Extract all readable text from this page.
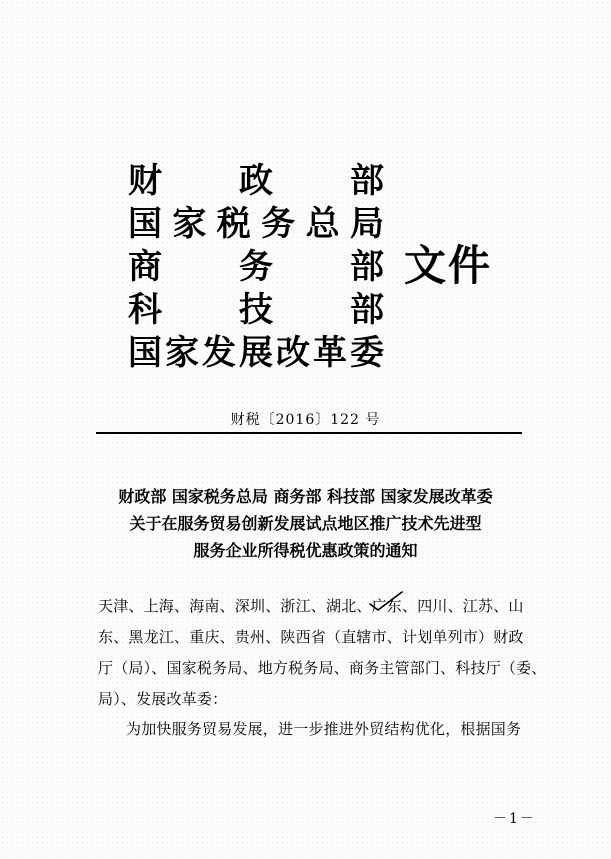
财 政 部
国 家 税 务 总 局
商 务 部
科 技 部
国 家 发 展 改 革 委
文件
财税〔2016〕122 号
财政部 国家税务总局 商务部 科技部 国家发展改革委
关于在服务贸易创新发展试点地区推广技术先进型
服务企业所得税优惠政策的通知
天津、上海、海南、深圳、浙江、湖北、广东、四川、江苏、山
东、黑龙江、重庆、贵州、陕西省（直辖市、计划单列市）财政
厅（局）、国家税务局、地方税务局、商务主管部门、科技厅（委、
局）、发展改革委：
为加快服务贸易发展，进一步推进外贸结构优化，根据国务
－1－
